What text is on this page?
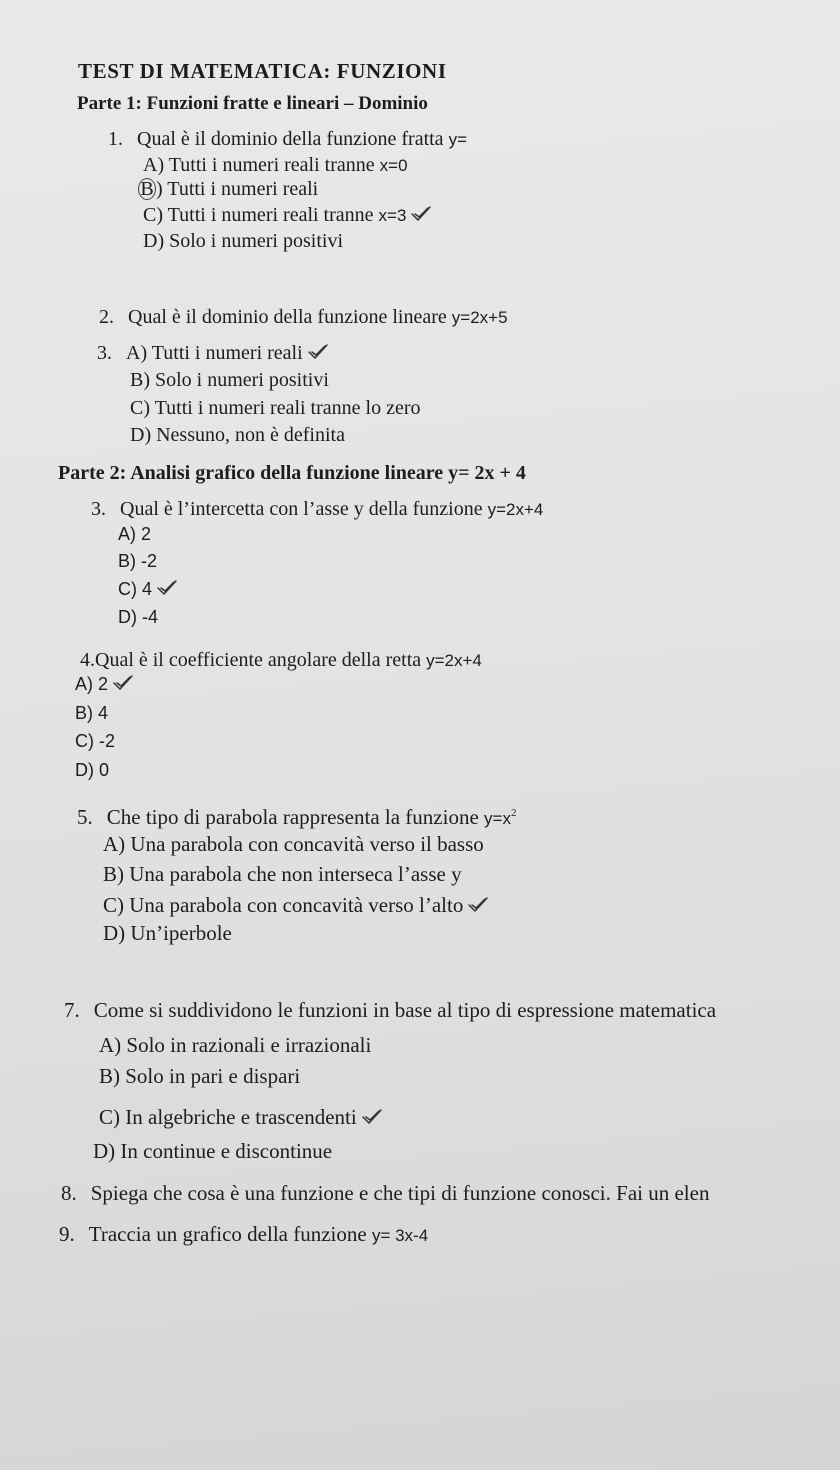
TEST DI MATEMATICA: FUNZIONI
Parte 1: Funzioni fratte e lineari – Dominio
1. Qual è il dominio della funzione fratta y=
A) Tutti i numeri reali tranne x=0
B ) Tutti i numeri reali
C) Tutti i numeri reali tranne x=3
D) Solo i numeri positivi
2. Qual è il dominio della funzione lineare y=2x+5
3. A) Tutti i numeri reali
B) Solo i numeri positivi
C) Tutti i numeri reali tranne lo zero
D) Nessuno, non è definita
Parte 2: Analisi grafico della funzione lineare y= 2x + 4
3. Qual è l’intercetta con l’asse y della funzione y=2x+4
A) 2
B) -2
C) 4
D) -4
4.Qual è il coefficiente angolare della retta y=2x+4
A) 2
B) 4
C) -2
D) 0
5. Che tipo di parabola rappresenta la funzione $y=x^2$
A) Una parabola con concavità verso il basso
B) Una parabola che non interseca l’asse y
C) Una parabola con concavità verso l’alto
D) Un’iperbole
7. Come si suddividono le funzioni in base al tipo di espressione matematica
A) Solo in razionali e irrazionali
B) Solo in pari e dispari
C) In algebriche e trascendenti
D) In continue e discontinue
8. Spiega che cosa è una funzione e che tipi di funzione conosci. Fai un elen
9. Traccia un grafico della funzione y= 3x-4
